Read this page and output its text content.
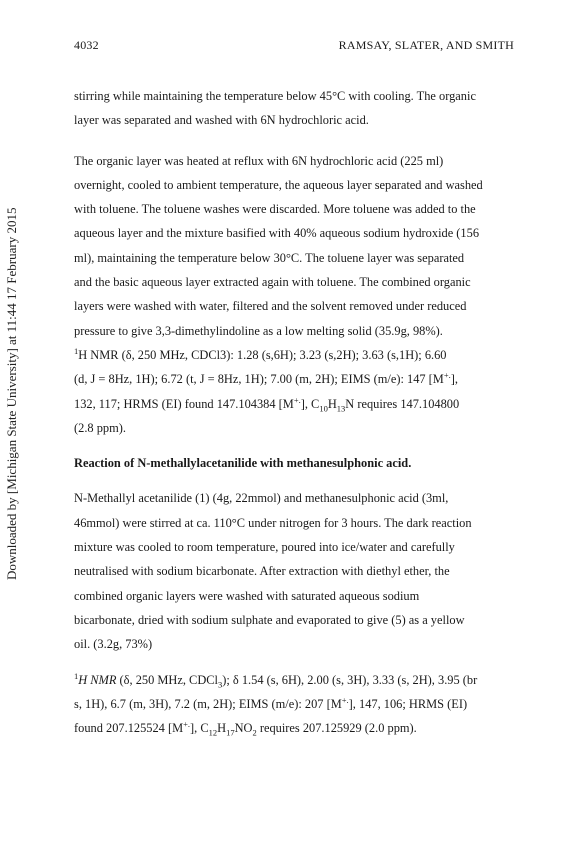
4032	RAMSAY, SLATER, AND SMITH
Downloaded by [Michigan State University] at 11:44 17 February 2015

stirring while maintaining the temperature below 45°C with cooling. The organic

layer was separated and washed with 6N hydrochloric acid.

The organic layer was heated at reflux with 6N hydrochloric acid (225 ml)

overnight, cooled to ambient temperature, the aqueous layer separated and washed

with toluene. The toluene washes were discarded. More toluene was added to the

aqueous layer and the mixture basified with 40% aqueous sodium hydroxide (156

ml), maintaining the temperature below 30°C. The toluene layer was separated

and the basic aqueous layer extracted again with toluene. The combined organic

layers were washed with water, filtered and the solvent removed under reduced

pressure to give 3,3-dimethylindoline as a low melting solid (35.9g, 98%).

$^1$H NMR (δ, 250 MHz, CDCl3): 1.28 (s,6H); 3.23 (s,2H); 3.63 (s,1H); 6.60

(d, J = 8Hz, 1H); 6.72 (t, J = 8Hz, 1H); 7.00 (m, 2H); EIMS (m/e): 147 [M+.],

132, 117; HRMS (EI) found 147.104384 [M+.], $C_{10}H_{13}N$ requires 147.104800

(2.8 ppm).

Reaction of N-methallylacetanilide with methanesulphonic acid.

N-Methallyl acetanilide (1) (4g, 22mmol) and methanesulphonic acid (3ml,

46mmol) were stirred at ca. 110°C under nitrogen for 3 hours. The dark reaction

mixture was cooled to room temperature, poured into ice/water and carefully

neutralised with sodium bicarbonate. After extraction with diethyl ether, the

combined organic layers were washed with saturated aqueous sodium

bicarbonate, dried with sodium sulphate and evaporated to give (5) as a yellow

oil. (3.2g, 73%)

$^1$H NMR (δ, 250 MHz, CDCl$_3$); δ 1.54 (s, 6H), 2.00 (s, 3H), 3.33 (s, 2H), 3.95 (br

s, 1H), 6.7 (m, 3H), 7.2 (m, 2H); EIMS (m/e): 207 [M+.], 147, 106; HRMS (EI)

found 207.125524 [M+.], $C_{12}H_{17}NO_2$ requires 207.125929 (2.0 ppm).
